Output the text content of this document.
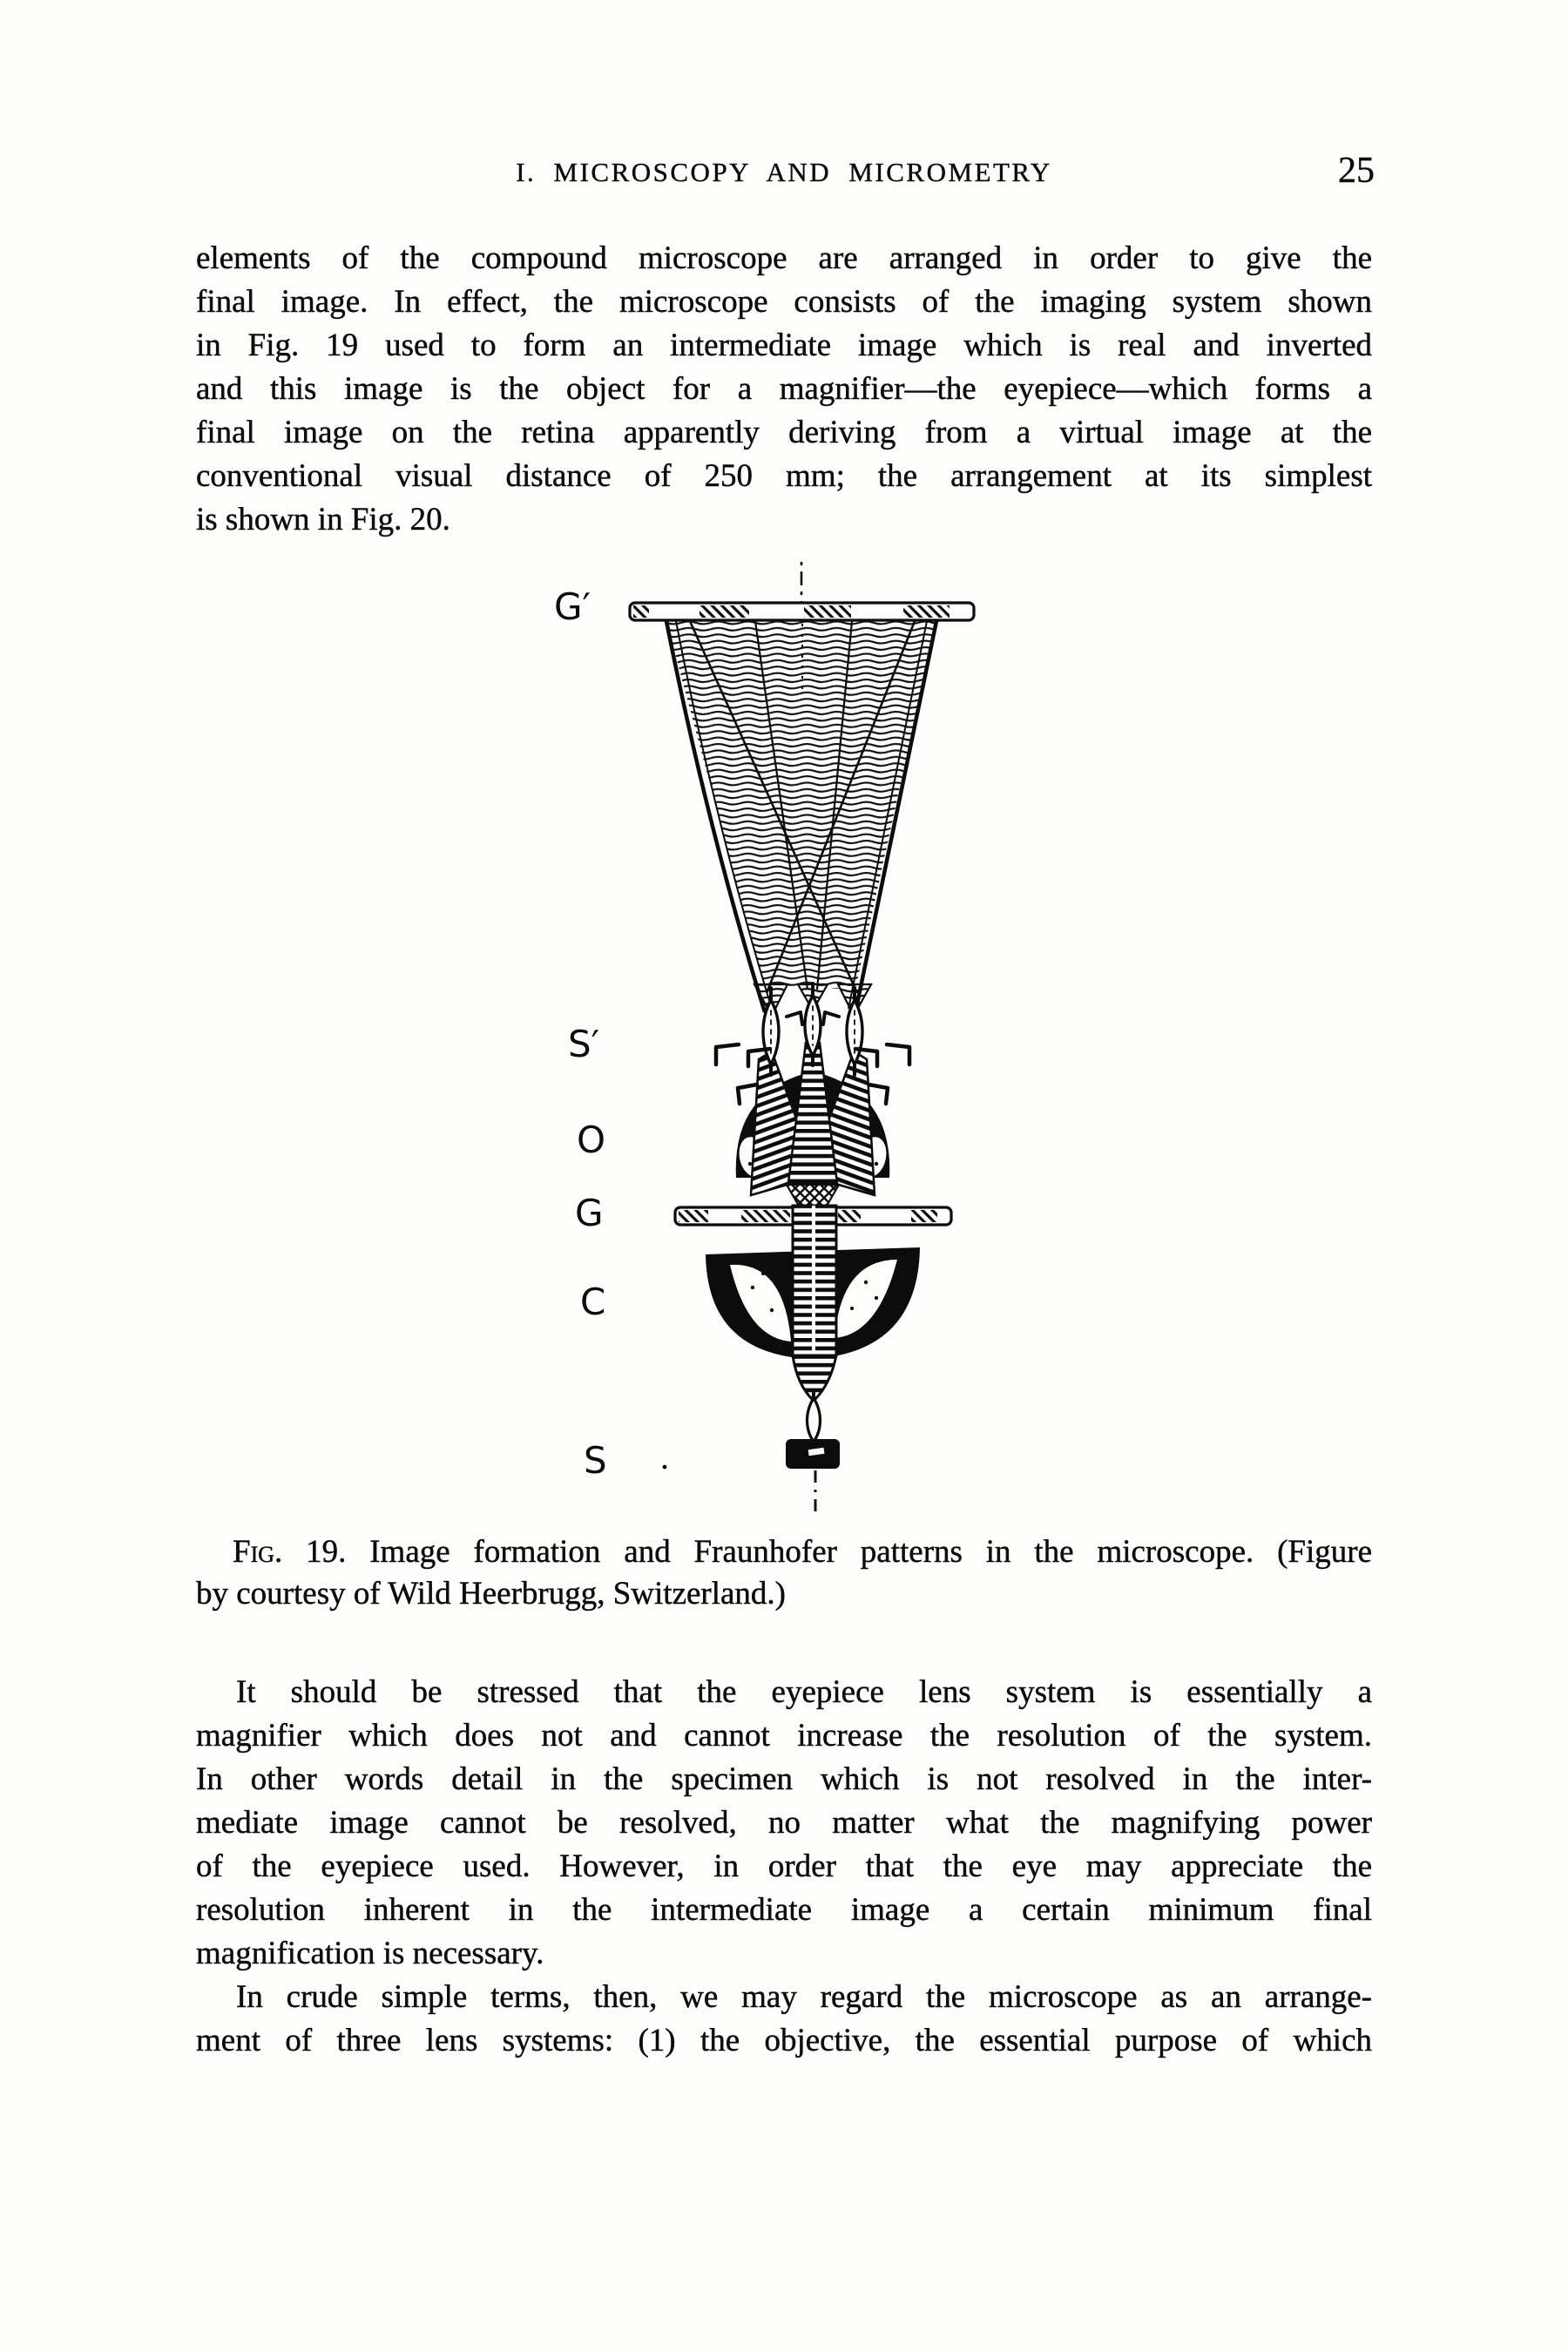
I. MICROSCOPY AND MICROMETRY	25
elements of the compound microscope are arranged in order to give the
final image. In effect, the microscope consists of the imaging system shown
in Fig. 19 used to form an intermediate image which is real and inverted
and this image is the object for a magnifier—the eyepiece—which forms a
final image on the retina apparently deriving from a virtual image at the
conventional visual distance of 250 mm; the arrangement at its simplest
is shown in Fig. 20.
G′
S′
O
G
C
S
Fig. 19. Image formation and Fraunhofer patterns in the microscope. (Figure
by courtesy of Wild Heerbrugg, Switzerland.)
It should be stressed that the eyepiece lens system is essentially a
magnifier which does not and cannot increase the resolution of the system.
In other words detail in the specimen which is not resolved in the inter-
mediate image cannot be resolved, no matter what the magnifying power
of the eyepiece used. However, in order that the eye may appreciate the
resolution inherent in the intermediate image a certain minimum final
magnification is necessary.
In crude simple terms, then, we may regard the microscope as an arrange-
ment of three lens systems: (1) the objective, the essential purpose of which
